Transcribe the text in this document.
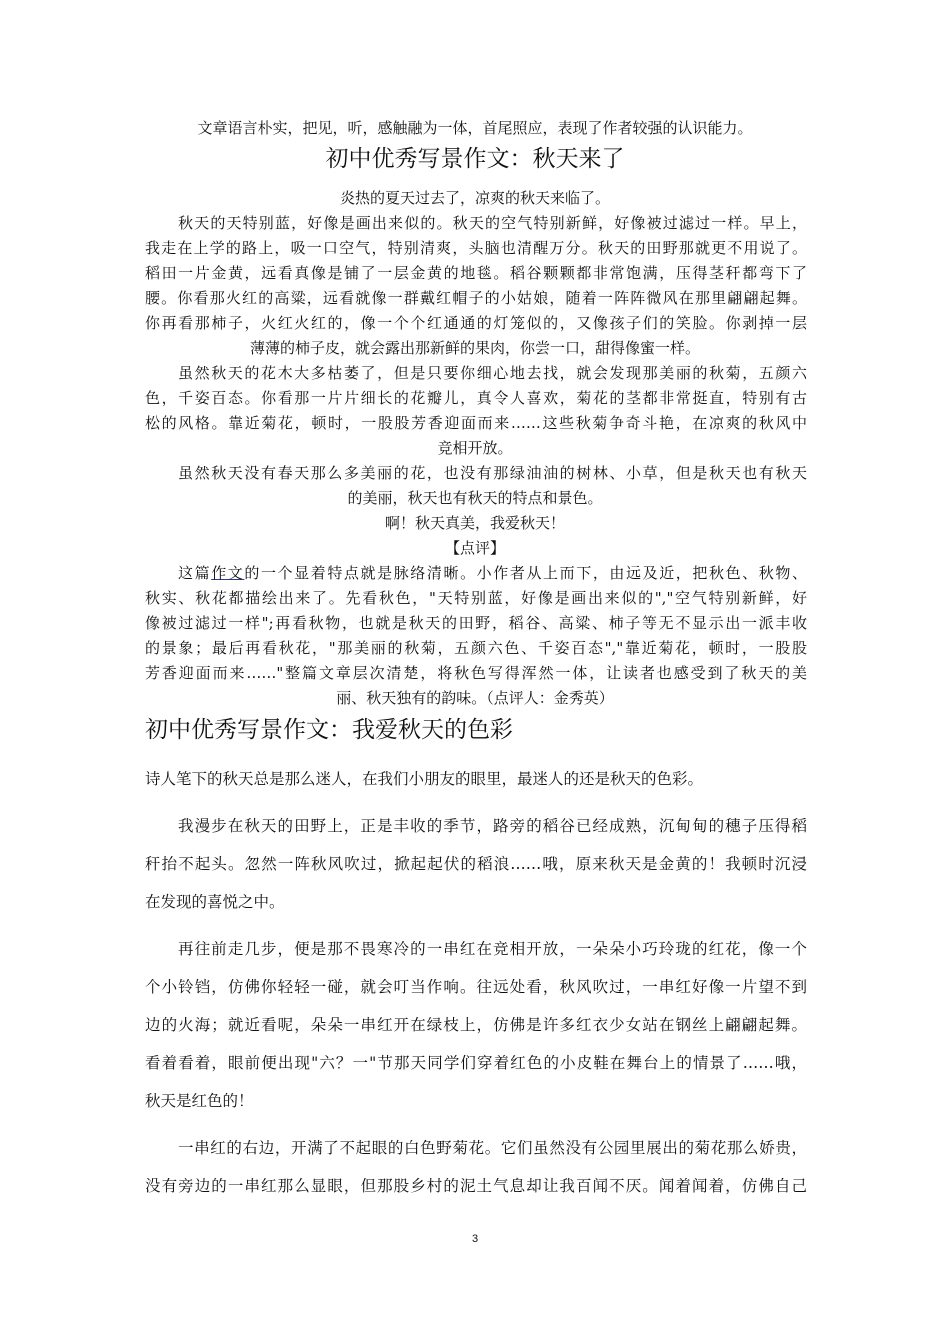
文章语言朴实，把见，听，感触融为一体，首尾照应，表现了作者较强的认识能力。
初中优秀写景作文：秋天来了
炎热的夏天过去了，凉爽的秋天来临了。
秋天的天特别蓝，好像是画出来似的。秋天的空气特别新鲜，好像被过滤过一样。早上，
我走在上学的路上，吸一口空气，特别清爽，头脑也清醒万分。秋天的田野那就更不用说了。
稻田一片金黄，远看真像是铺了一层金黄的地毯。稻谷颗颗都非常饱满，压得茎秆都弯下了
腰。你看那火红的高粱，远看就像一群戴红帽子的小姑娘，随着一阵阵微风在那里翩翩起舞。
你再看那柿子，火红火红的，像一个个红通通的灯笼似的，又像孩子们的笑脸。你剥掉一层
薄薄的柿子皮，就会露出那新鲜的果肉，你尝一口，甜得像蜜一样。
虽然秋天的花木大多枯萎了，但是只要你细心地去找，就会发现那美丽的秋菊，五颜六
色，千姿百态。你看那一片片细长的花瓣儿，真令人喜欢，菊花的茎都非常挺直，特别有古
松的风格。靠近菊花，顿时，一股股芳香迎面而来……这些秋菊争奇斗艳，在凉爽的秋风中
竞相开放。
虽然秋天没有春天那么多美丽的花，也没有那绿油油的树林、小草，但是秋天也有秋天
的美丽，秋天也有秋天的特点和景色。
啊！秋天真美，我爱秋天！
【点评】
这篇作文的一个显着特点就是脉络清晰。小作者从上而下，由远及近，把秋色、秋物、
秋实、秋花都描绘出来了。先看秋色，"天特别蓝，好像是画出来似的","空气特别新鲜，好
像被过滤过一样";再看秋物，也就是秋天的田野，稻谷、高粱、柿子等无不显示出一派丰收
的景象；最后再看秋花，"那美丽的秋菊，五颜六色、千姿百态","靠近菊花，顿时，一股股
芳香迎面而来……"整篇文章层次清楚，将秋色写得浑然一体，让读者也感受到了秋天的美
丽、秋天独有的韵味。（点评人：金秀英）
初中优秀写景作文：我爱秋天的色彩
诗人笔下的秋天总是那么迷人，在我们小朋友的眼里，最迷人的还是秋天的色彩。
我漫步在秋天的田野上，正是丰收的季节，路旁的稻谷已经成熟，沉甸甸的穗子压得稻
秆抬不起头。忽然一阵秋风吹过，掀起起伏的稻浪……哦，原来秋天是金黄的！我顿时沉浸
在发现的喜悦之中。
再往前走几步，便是那不畏寒冷的一串红在竞相开放，一朵朵小巧玲珑的红花，像一个
个小铃铛，仿佛你轻轻一碰，就会叮当作响。往远处看，秋风吹过，一串红好像一片望不到
边的火海；就近看呢，朵朵一串红开在绿枝上，仿佛是许多红衣少女站在钢丝上翩翩起舞。
看着看着，眼前便出现"六？一"节那天同学们穿着红色的小皮鞋在舞台上的情景了……哦，
秋天是红色的！
一串红的右边，开满了不起眼的白色野菊花。它们虽然没有公园里展出的菊花那么娇贵，
没有旁边的一串红那么显眼，但那股乡村的泥土气息却让我百闻不厌。闻着闻着，仿佛自己
3
